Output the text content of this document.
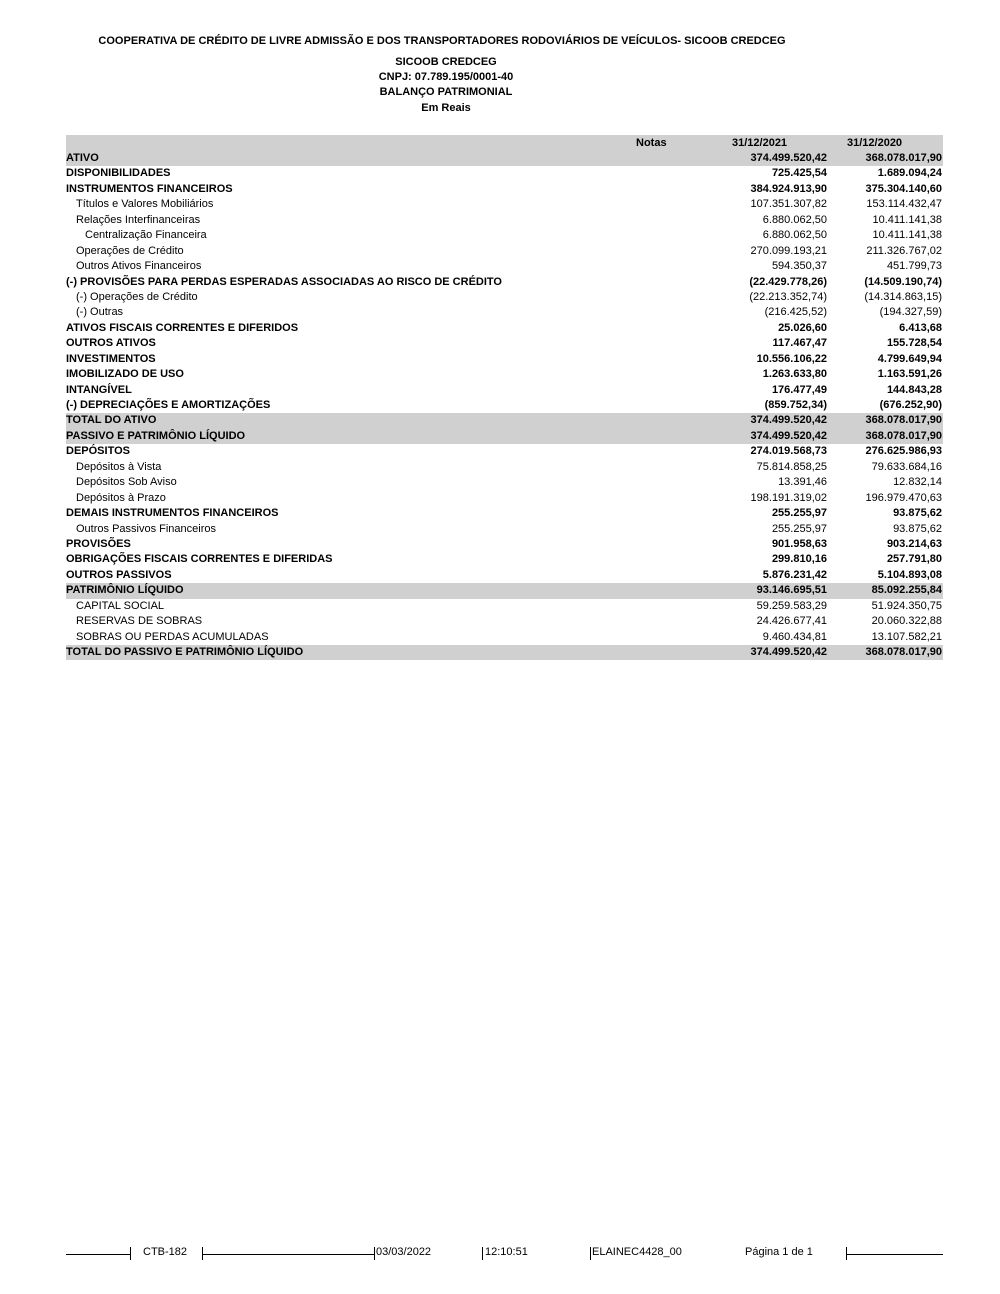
COOPERATIVA DE CRÉDITO DE LIVRE ADMISSÃO E DOS TRANSPORTADORES RODOVIÁRIOS DE VEÍCULOS- SICOOB CREDCEG
SICOOB CREDCEG
CNPJ: 07.789.195/0001-40
BALANÇO PATRIMONIAL
Em Reais
Notas	31/12/2021	31/12/2020
ATIVO	374.499.520,42	368.078.017,90
DISPONIBILIDADES	725.425,54	1.689.094,24
INSTRUMENTOS FINANCEIROS	384.924.913,90	375.304.140,60
Títulos e Valores Mobiliários	107.351.307,82	153.114.432,47
Relações Interfinanceiras	6.880.062,50	10.411.141,38
Centralização Financeira	6.880.062,50	10.411.141,38
Operações de Crédito	270.099.193,21	211.326.767,02
Outros Ativos Financeiros	594.350,37	451.799,73
(-) PROVISÕES PARA PERDAS ESPERADAS ASSOCIADAS AO RISCO DE CRÉDITO	(22.429.778,26)	(14.509.190,74)
(-) Operações de Crédito	(22.213.352,74)	(14.314.863,15)
(-) Outras	(216.425,52)	(194.327,59)
ATIVOS FISCAIS CORRENTES E DIFERIDOS	25.026,60	6.413,68
OUTROS ATIVOS	117.467,47	155.728,54
INVESTIMENTOS	10.556.106,22	4.799.649,94
IMOBILIZADO DE USO	1.263.633,80	1.163.591,26
INTANGÍVEL	176.477,49	144.843,28
(-) DEPRECIAÇÕES E AMORTIZAÇÕES	(859.752,34)	(676.252,90)
TOTAL DO ATIVO	374.499.520,42	368.078.017,90
PASSIVO E PATRIMÔNIO LÍQUIDO	374.499.520,42	368.078.017,90
DEPÓSITOS	274.019.568,73	276.625.986,93
Depósitos à Vista	75.814.858,25	79.633.684,16
Depósitos Sob Aviso	13.391,46	12.832,14
Depósitos à Prazo	198.191.319,02	196.979.470,63
DEMAIS INSTRUMENTOS FINANCEIROS	255.255,97	93.875,62
Outros Passivos Financeiros	255.255,97	93.875,62
PROVISÕES	901.958,63	903.214,63
OBRIGAÇÕES FISCAIS CORRENTES E DIFERIDAS	299.810,16	257.791,80
OUTROS PASSIVOS	5.876.231,42	5.104.893,08
PATRIMÔNIO LÍQUIDO	93.146.695,51	85.092.255,84
CAPITAL SOCIAL	59.259.583,29	51.924.350,75
RESERVAS DE SOBRAS	24.426.677,41	20.060.322,88
SOBRAS OU PERDAS ACUMULADAS	9.460.434,81	13.107.582,21
TOTAL DO PASSIVO E PATRIMÔNIO LÍQUIDO	374.499.520,42	368.078.017,90
CTB-182	03/03/2022	12:10:51	ELAINEC4428_00	Página 1 de 1
